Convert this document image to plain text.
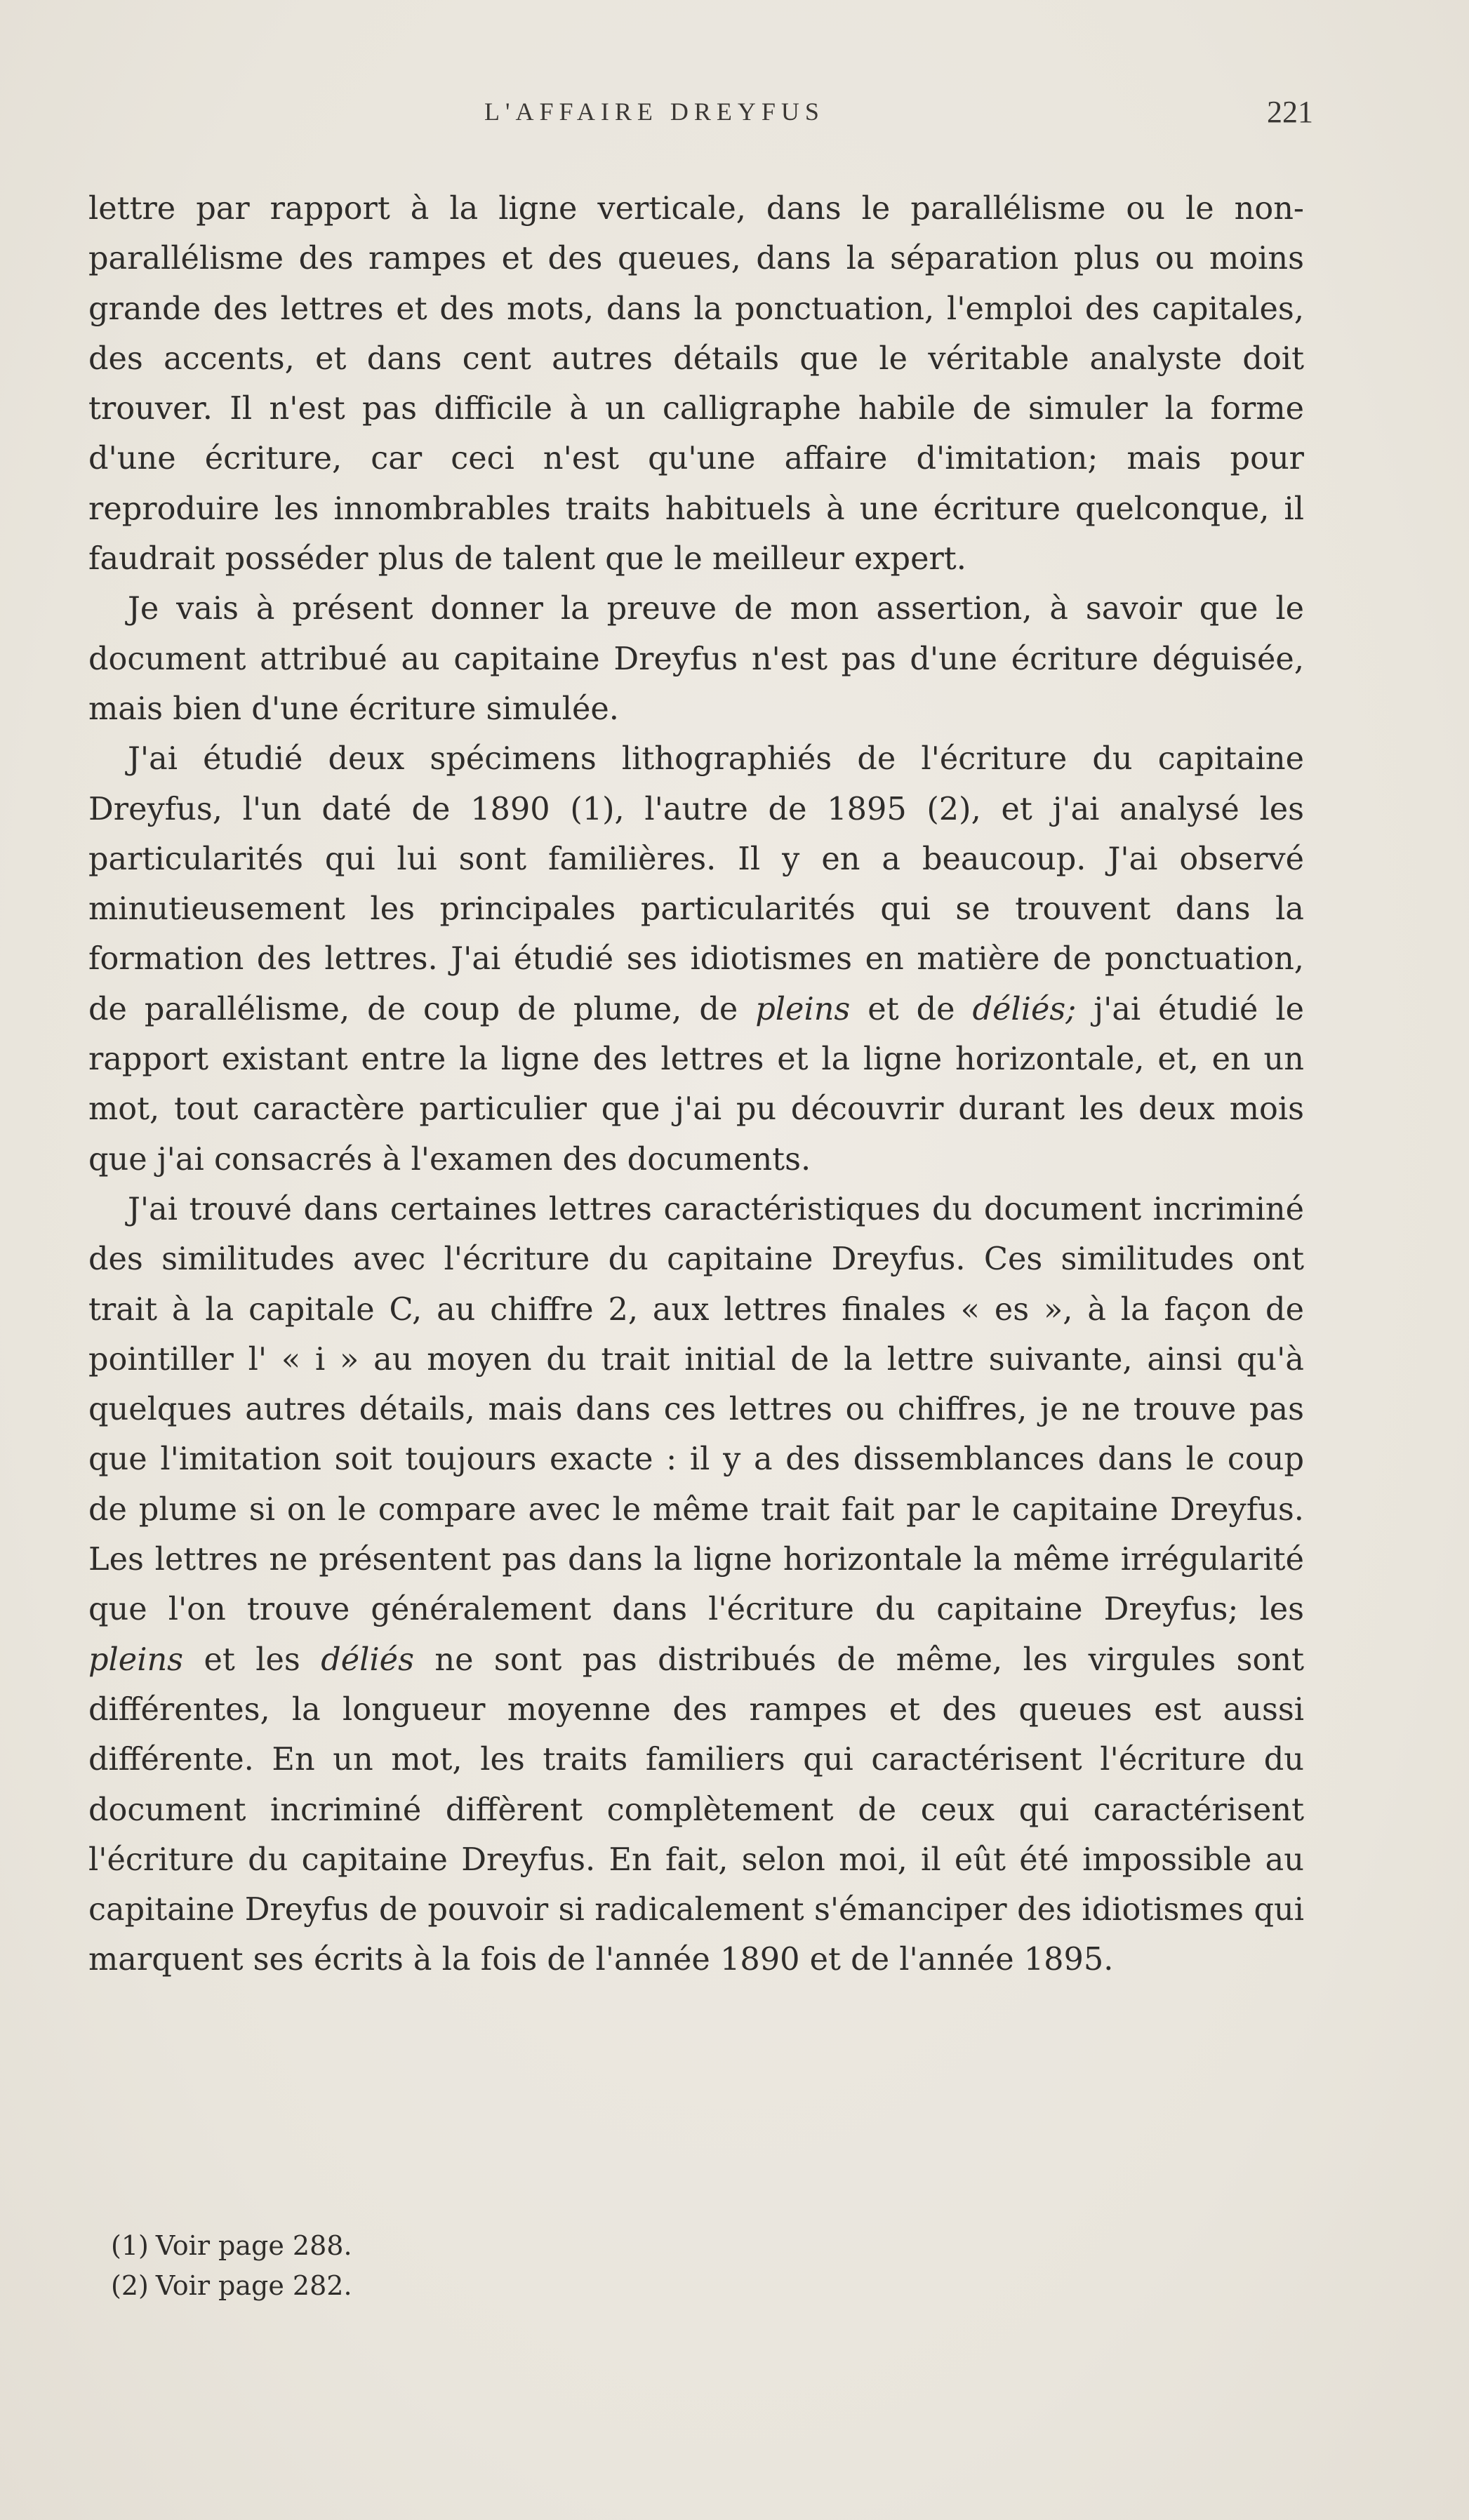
L'AFFAIRE DREYFUS	221

lettre par rapport à la ligne verticale, dans le parallélisme ou le non-parallélisme des rampes et des queues, dans la séparation plus ou moins grande des lettres et des mots, dans la ponctuation, l'emploi des capitales, des accents, et dans cent autres détails que le véritable analyste doit trouver. Il n'est pas difficile à un calligraphe habile de simuler la forme d'une écriture, car ceci n'est qu'une affaire d'imitation; mais pour reproduire les innombrables traits habituels à une écriture quelconque, il faudrait posséder plus de talent que le meilleur expert.

Je vais à présent donner la preuve de mon assertion, à savoir que le document attribué au capitaine Dreyfus n'est pas d'une écriture déguisée, mais bien d'une écriture simulée.

J'ai étudié deux spécimens lithographiés de l'écriture du capitaine Dreyfus, l'un daté de 1890 (1), l'autre de 1895 (2), et j'ai analysé les particularités qui lui sont familières. Il y en a beaucoup. J'ai observé minutieusement les principales particularités qui se trouvent dans la formation des lettres. J'ai étudié ses idiotismes en matière de ponctuation, de parallélisme, de coup de plume, de pleins et de déliés; j'ai étudié le rapport existant entre la ligne des lettres et la ligne horizontale, et, en un mot, tout caractère particulier que j'ai pu découvrir durant les deux mois que j'ai consacrés à l'examen des documents.

J'ai trouvé dans certaines lettres caractéristiques du document incriminé des similitudes avec l'écriture du capitaine Dreyfus. Ces similitudes ont trait à la capitale C, au chiffre 2, aux lettres finales « es », à la façon de pointiller l' « i » au moyen du trait initial de la lettre suivante, ainsi qu'à quelques autres détails, mais dans ces lettres ou chiffres, je ne trouve pas que l'imitation soit toujours exacte : il y a des dissemblances dans le coup de plume si on le compare avec le même trait fait par le capitaine Dreyfus. Les lettres ne présentent pas dans la ligne horizontale la même irrégularité que l'on trouve généralement dans l'écriture du capitaine Dreyfus; les pleins et les déliés ne sont pas distribués de même, les virgules sont différentes, la longueur moyenne des rampes et des queues est aussi différente. En un mot, les traits familiers qui caractérisent l'écriture du document incriminé diffèrent complètement de ceux qui caractérisent l'écriture du capitaine Dreyfus. En fait, selon moi, il eût été impossible au capitaine Dreyfus de pouvoir si radicalement s'émanciper des idiotismes qui marquent ses écrits à la fois de l'année 1890 et de l'année 1895.

(1) Voir page 288.

(2) Voir page 282.
